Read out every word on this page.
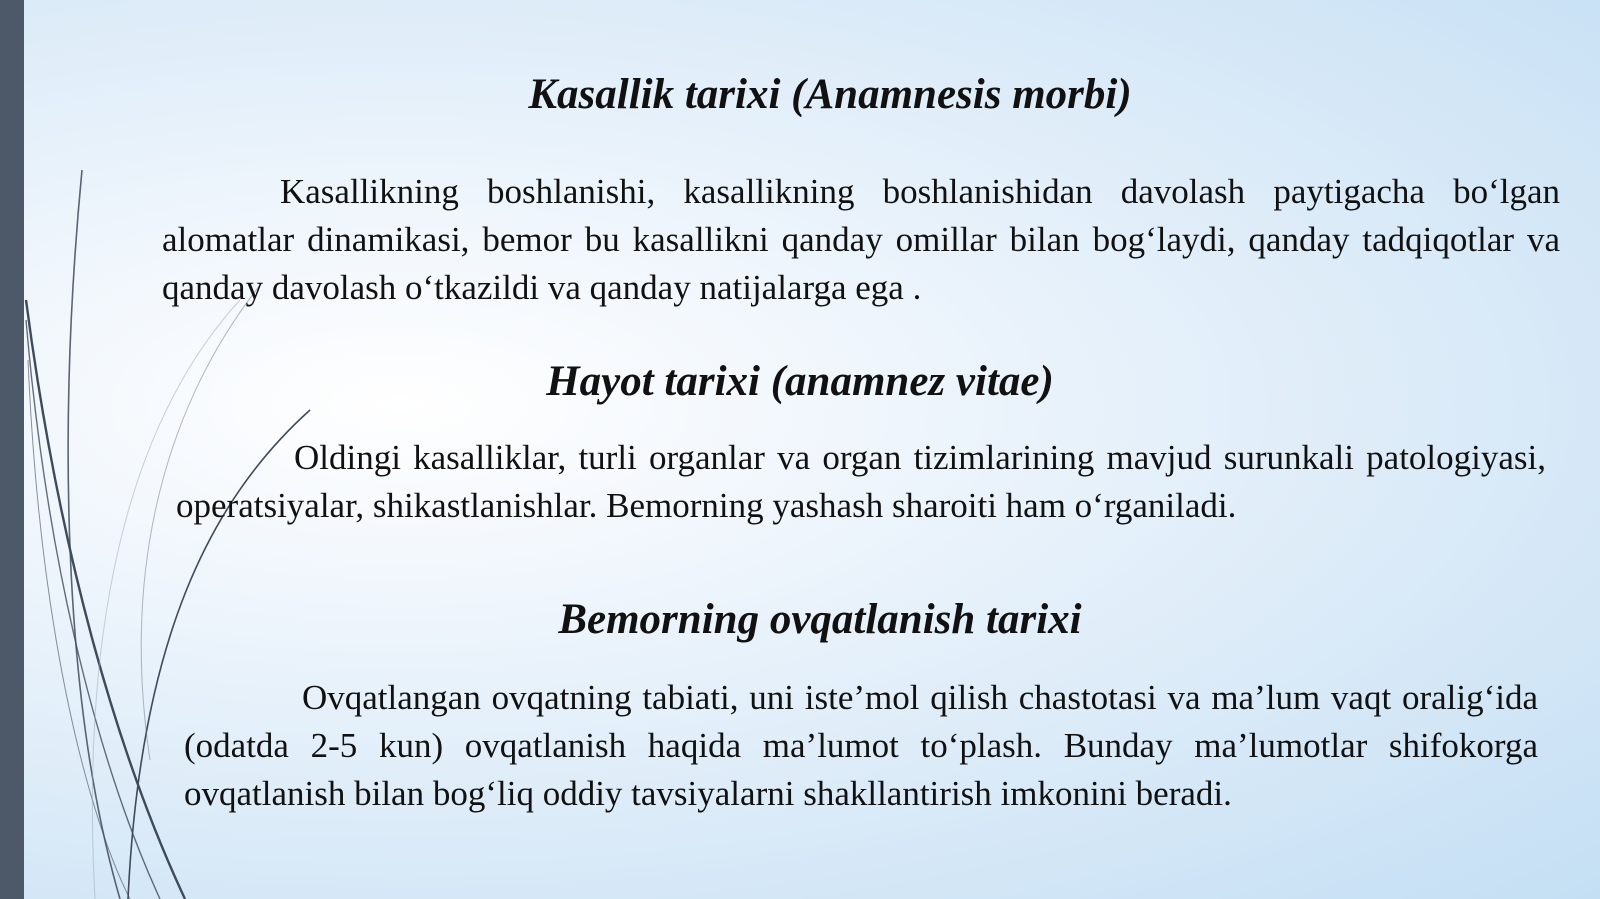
Kasallik tarixi (Anamnesis morbi)

Kasallikning boshlanishi, kasallikning boshlanishidan davolash paytigacha bo‘lgan alomatlar dinamikasi, bemor bu kasallikni qanday omillar bilan bog‘laydi, qanday tadqiqotlar va qanday davolash o‘tkazildi va qanday natijalarga ega .

Hayot tarixi (anamnez vitae)

Oldingi kasalliklar, turli organlar va organ tizimlarining mavjud surunkali patologiyasi, operatsiyalar, shikastlanishlar. Bemorning yashash sharoiti ham o‘rganiladi.

Bemorning ovqatlanish tarixi

Ovqatlangan ovqatning tabiati, uni iste’mol qilish chastotasi va ma’lum vaqt oralig‘ida (odatda 2-5 kun) ovqatlanish haqida ma’lumot to‘plash. Bunday ma’lumotlar shifokorga ovqatlanish bilan bog‘liq oddiy tavsiyalarni shakllantirish imkonini beradi.
